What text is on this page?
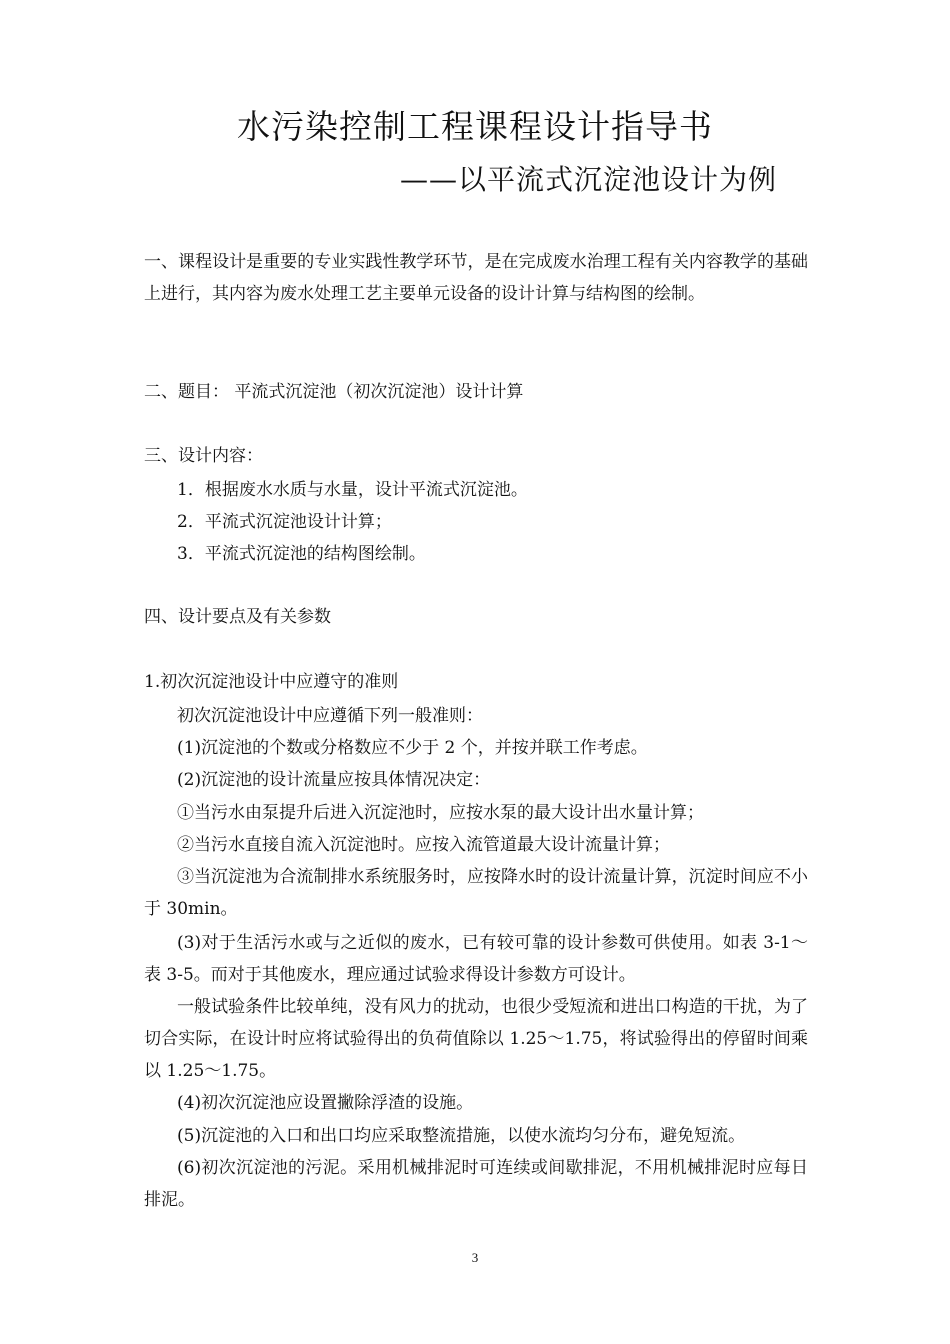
水污染控制工程课程设计指导书
——以平流式沉淀池设计为例

一、课程设计是重要的专业实践性教学环节，是在完成废水治理工程有关内容教学的基础上进行，其内容为废水处理工艺主要单元设备的设计计算与结构图的绘制。

二、题目： 平流式沉淀池（初次沉淀池）设计计算

三、设计内容：

1．根据废水水质与水量，设计平流式沉淀池。

2．平流式沉淀池设计计算；

3．平流式沉淀池的结构图绘制。

四、设计要点及有关参数

1.初次沉淀池设计中应遵守的准则

初次沉淀池设计中应遵循下列一般准则：

(1)沉淀池的个数或分格数应不少于 2 个，并按并联工作考虑。

(2)沉淀池的设计流量应按具体情况决定：

①当污水由泵提升后进入沉淀池时，应按水泵的最大设计出水量计算；

②当污水直接自流入沉淀池时。应按入流管道最大设计流量计算；

③当沉淀池为合流制排水系统服务时，应按降水时的设计流量计算，沉淀时间应不小于 30min。

(3)对于生活污水或与之近似的废水，已有较可靠的设计参数可供使用。如表 3-1～表 3-5。而对于其他废水，理应通过试验求得设计参数方可设计。

一般试验条件比较单纯，没有风力的扰动，也很少受短流和进出口构造的干扰，为了切合实际，在设计时应将试验得出的负荷值除以 1.25～1.75，将试验得出的停留时间乘以 1.25～1.75。

(4)初次沉淀池应设置撇除浮渣的设施。

(5)沉淀池的入口和出口均应采取整流措施，以使水流均匀分布，避免短流。

(6)初次沉淀池的污泥。采用机械排泥时可连续或间歇排泥，不用机械排泥时应每日排泥。

3
